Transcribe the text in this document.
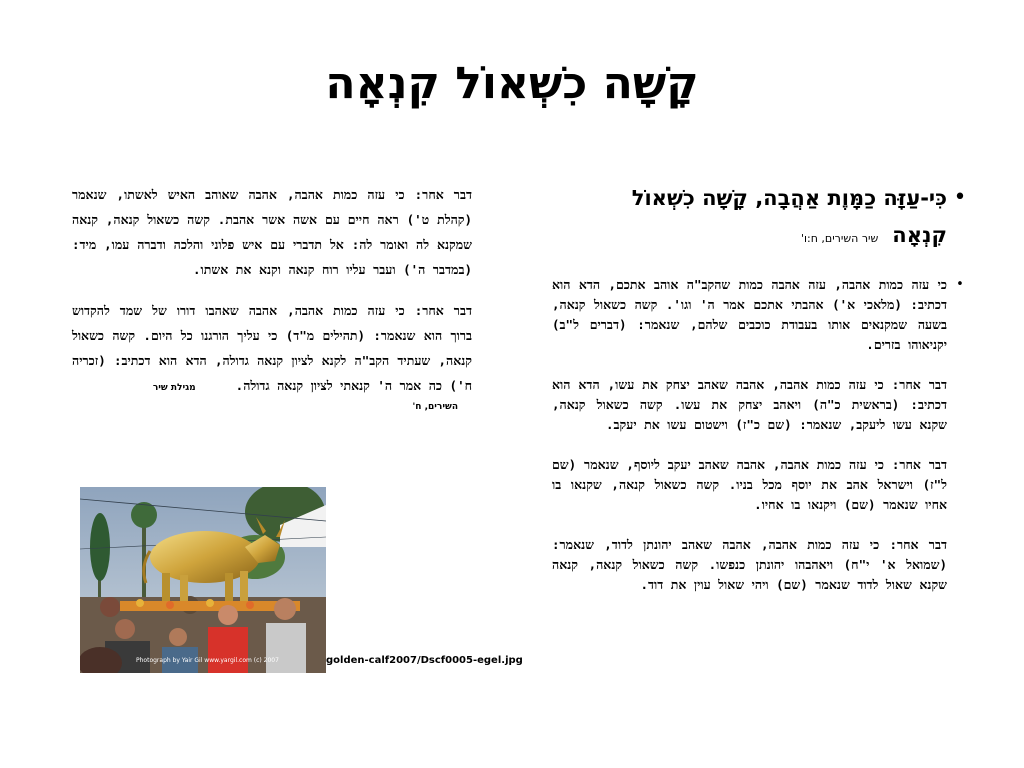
קָשָׁה כִשְׁאוֹל קִנְאָה
•

כִּי-עַזָּה כַמָּוֶת אַהֲבָה, קָשָׁה כִשְׁאוֹל קִנְאָהשיר השירים, ח:ו'

•

כי עזה כמות אהבה, עזה אהבה כמות שהקב"ה אוהב אתכם, הדא הוא דכתיב: (מלאכי א') אהבתי אתכם אמר ה' וגו'. קשה כשאול קנאה, בשעה שמקנאים אותו בעבודת כוכבים שלהם, שנאמר: (דברים ל"ב) יקניאוהו בזרים.

דבר אחר: כי עזה כמות אהבה, אהבה שאהב יצחק את עשו, הדא הוא דכתיב: (בראשית כ"ה) ויאהב יצחק את עשו. קשה כשאול קנאה, שקנא עשו ליעקב, שנאמר: (שם כ"ז) וישטום עשו את יעקב.

דבר אחר: כי עזה כמות אהבה, אהבה שאהב יעקב ליוסף, שנאמר (שם ל"ז) וישראל אהב את יוסף מכל בניו. קשה כשאול קנאה, שקנאו בו אחיו שנאמר (שם) ויקנאו בו אחיו.

דבר אחר: כי עזה כמות אהבה, אהבה שאהב יהונתן לדוד, שנאמר: (שמואל א' י"ח) ויאהבהו יהונתן כנפשו. קשה כשאול קנאה, קנאה שקנא שאול לדוד שנאמר (שם) ויהי שאול עוין את דוד.

דבר אחר: כי עזה כמות אהבה, אהבה שאוהב האיש לאשתו, שנאמר (קהלת ט') ראה חיים עם אשה אשר אהבת. קשה כשאול קנאה, קנאה שמקנא לה ואומר לה: אל תדברי עם איש פלוני והלכה ודברה עמו, מיד: (במדבר ה') ועבר עליו רוח קנאה וקנא את אשתו.

דבר אחר: כי עזה כמות אהבה, אהבה שאהבו דורו של שמד להקדוש ברוך הוא שנאמר: (תהילים מ"ד) כי עליך הורגנו כל היום. קשה כשאול קנאה, שעתיד הקב"ה לקנא לציון קנאה גדולה, הדא הוא דכתיב: (זכריה ח') כה אמר ה' קנאתי לציון קנאה גדולה.מגילת שיר

השירים, ח'
Photograph by Yair Gil www.yargil.com (c) 2007	golden-calf2007/Dscf0005-egel.jpg
